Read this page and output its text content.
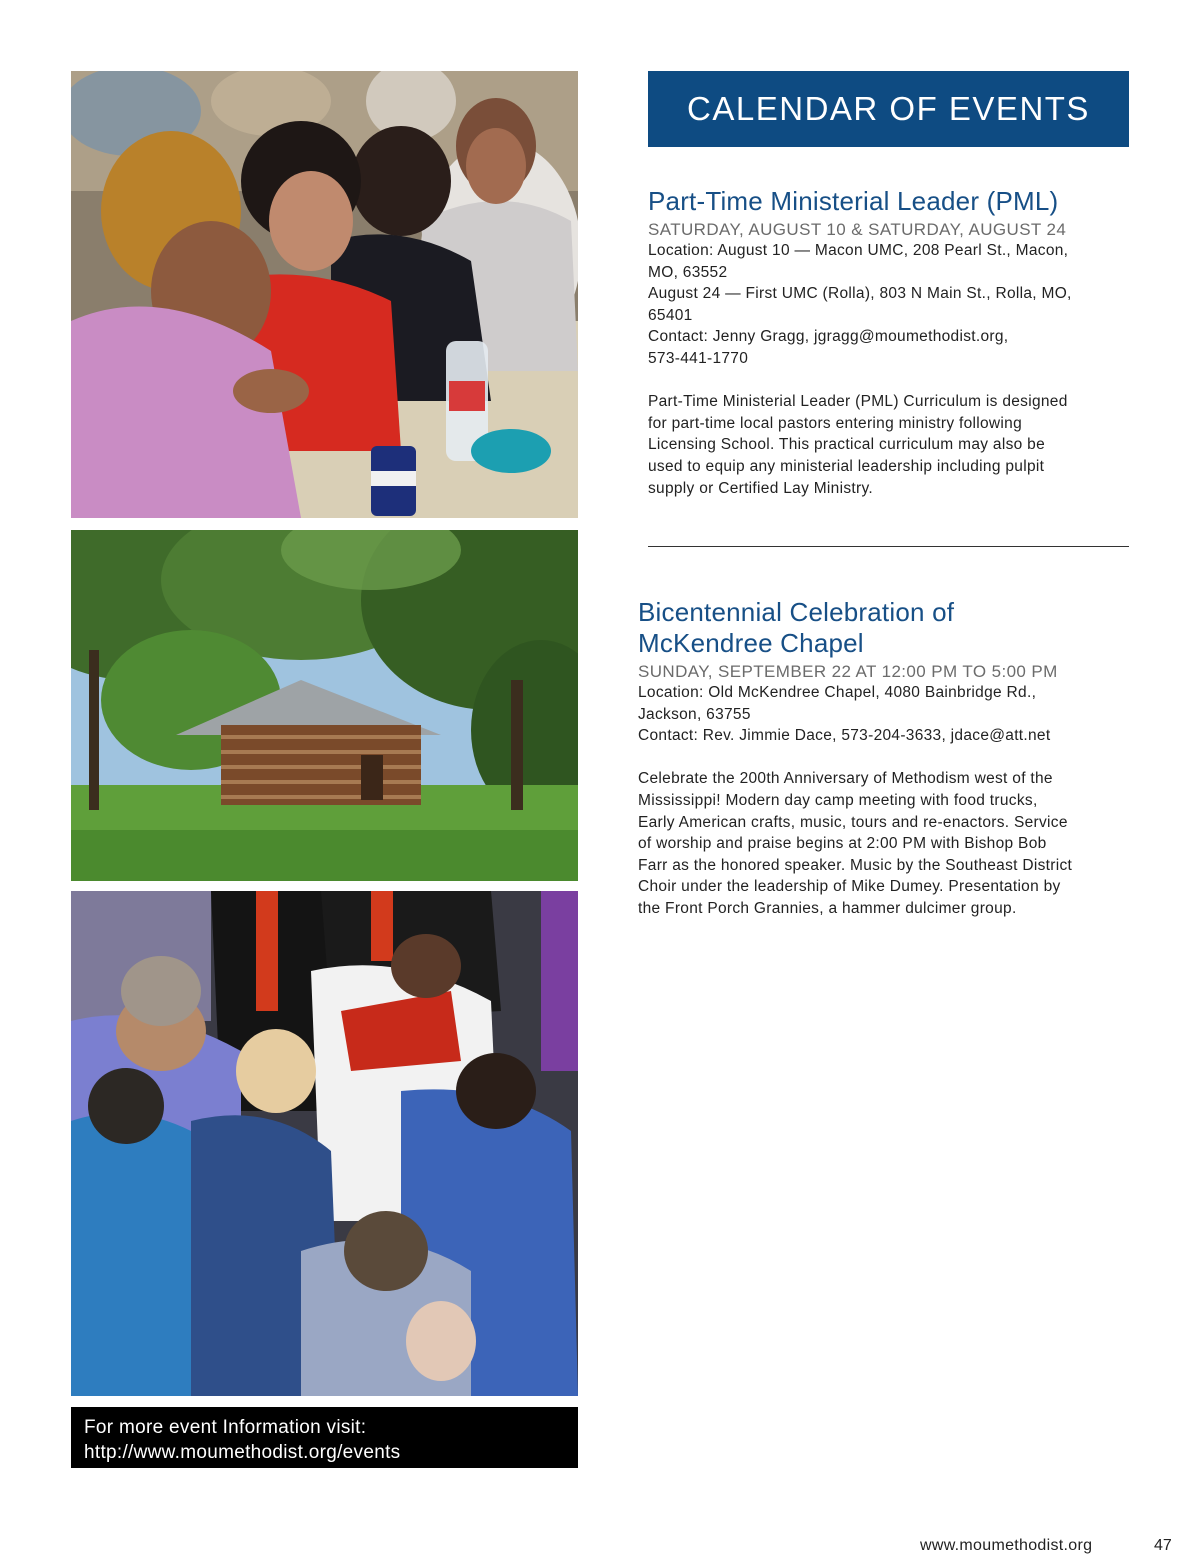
For more event Information visit:
http://www.moumethodist.org/events
CALENDAR OF EVENTS
Part-Time Ministerial Leader (PML)
SATURDAY, AUGUST 10 & SATURDAY, AUGUST 24
Location: August 10 — Macon UMC, 208 Pearl St., Macon,
MO, 63552
August 24 — First UMC (Rolla), 803 N Main St., Rolla, MO,
65401
Contact: Jenny Gragg, jgragg@moumethodist.org,
573-441-1770
Part-Time Ministerial Leader (PML) Curriculum is designed
for part-time local pastors entering ministry following
Licensing School. This practical curriculum may also be
used to equip any ministerial leadership including pulpit
supply or Certified Lay Ministry.
Bicentennial Celebration of
McKendree Chapel
SUNDAY, SEPTEMBER 22 AT 12:00 PM TO 5:00 PM
Location: Old McKendree Chapel, 4080 Bainbridge Rd.,
Jackson, 63755
Contact: Rev. Jimmie Dace, 573-204-3633, jdace@att.net
Celebrate the 200th Anniversary of Methodism west of the
Mississippi! Modern day camp meeting with food trucks,
Early American crafts, music, tours and re-enactors. Service
of worship and praise begins at 2:00 PM with Bishop Bob
Farr as the honored speaker. Music by the Southeast District
Choir under the leadership of Mike Dumey. Presentation by
the Front Porch Grannies, a hammer dulcimer group.
www.moumethodist.org	47
